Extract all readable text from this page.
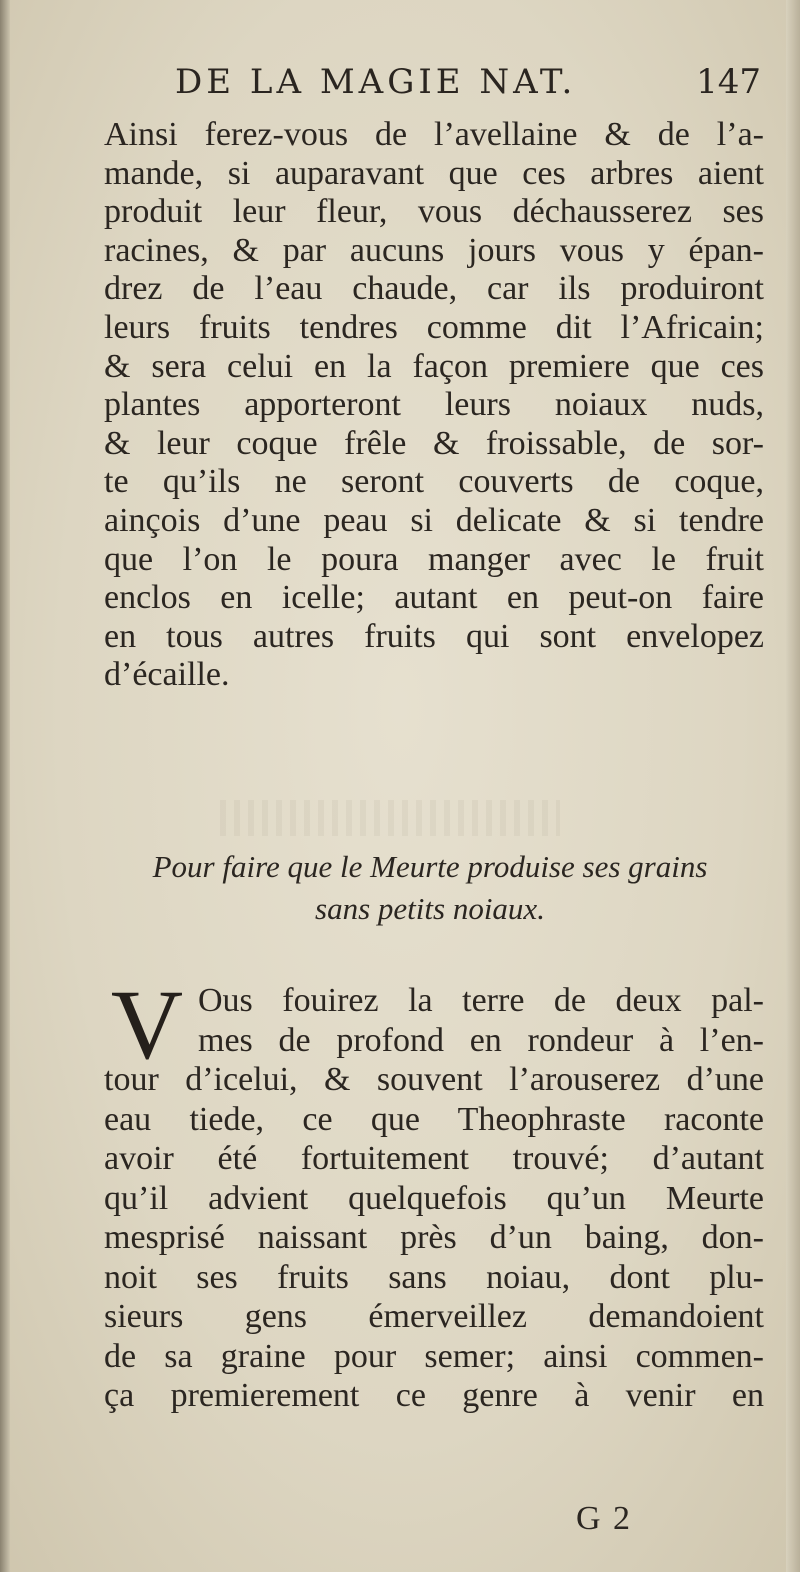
DE LA MAGIE NAT.	147
Ainsi ferez-vous de l’avellaine & de l’a-
mande, si auparavant que ces arbres aient
produit leur fleur, vous déchausserez ses
racines, & par aucuns jours vous y épan-
drez de l’eau chaude, car ils produiront
leurs fruits tendres comme dit l’Africain;
& sera celui en la façon premiere que ces
plantes apporteront leurs noiaux nuds,
& leur coque frêle & froissable, de sor-
te qu’ils ne seront couverts de coque,
ainçois d’une peau si delicate & si tendre
que l’on le poura manger avec le fruit
enclos en icelle; autant en peut-on faire
en tous autres fruits qui sont envelopez
d’écaille.
Pour faire que le Meurte produise ses grains
sans petits noiaux.
V Ous fouirez la terre de deux pal-
mes de profond en rondeur à l’en-
tour d’icelui, & souvent l’arouserez d’une
eau tiede, ce que Theophraste raconte
avoir été fortuitement trouvé; d’autant
qu’il advient quelquefois qu’un Meurte
mesprisé naissant près d’un baing, don-
noit ses fruits sans noiau, dont plu-
sieurs gens émerveillez demandoient
de sa graine pour semer; ainsi commen-
ça premierement ce genre à venir en
G 2
